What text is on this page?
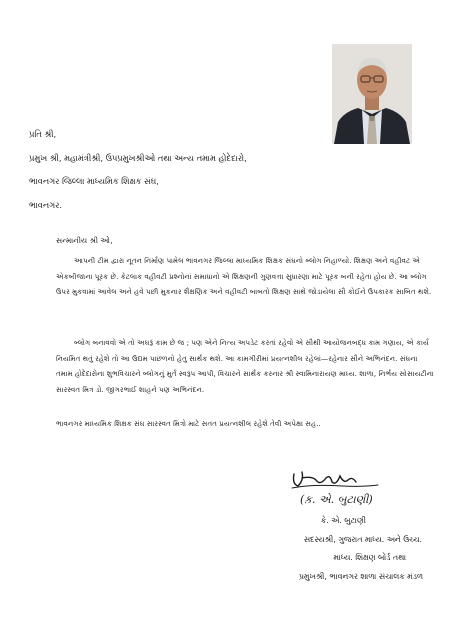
પ્રતિ શ્રી,
પ્રમુખ શ્રી, મહામંત્રીશ્રી, ઉપપ્રમુખશ્રીઓ તથા અન્ય તમામ હોદેદારો,
ભાવનગર જિલ્લા માધ્યમિક શિક્ષક સંઘ,
ભાવનગર.
સન્માનીય શ્રી ઓ,
આપની ટીમ દ્વારા નૂતન નિર્માણ પામેલ ભાવનગર જિલ્લા માધ્યમિક શિક્ષક સંઘનો બ્લોગ નિહાળ્યો. શિક્ષણ અને વહીવટ એ એકબીજાના પૂરક છે. કેટલાક વહીવટી પ્રશ્નોનાં સમાધાનો એ શિક્ષણની ગુણવત્તા સુધારણા માટે પૂરક બની રહેતા હોય છે. આ બ્લોગ ઉપર મુકવામાં આવેલ અને હવે પછી મુકનાર શૈક્ષણિક અને વહીવટી બાબતો શિક્ષણ સાથે જોડાયેલા સૌ કોઈને ઉપકારક સાબિત થશે.
બ્લોગ બનાવવો એ તો અઘરૂં કામ છે જ ; પણ એને નિત્ય અપડેટ કરતાં રહેવો એ સૌથી આયોજનબદ્ધ કામ ગણાય, એ કાર્ય નિયમિત થતું રહેશે તો આ ઉદ્યમ પાછળનો હેતુ સાર્થક થશે. આ કામગીરીમાં પ્રયત્નશીલ રહેલાં—રહેનાર સૌને અભિનંદન. સંઘના તમામ હોદેદારોના શુભવિચારને બ્લોગનું મુર્ત સ્વરૂપ આપી, વિચારને સાર્થક કરનાર શ્રી સ્વામિનારાયણ માધ્ય. શાળા, નિર્ભય સોસાયટીના સારસ્વત મિત્ર ડો. જીગરભાઈ શાહને પણ અભિનંદન.
ભાવનગર માધ્યમિક શિક્ષક સંઘ સારસ્વત મિત્રો માટે સતત પ્રયત્નશીલ રહેશે તેવી અપેક્ષા સહ..
(ક઼. એ. બુટાણી)
કે. એ. બુટાણી
સદસ્યશ્રી, ગુજરાત માધ્ય. અને ઉચ્ચ.
માધ્ય. શિક્ષણ બોર્ડ તથા
પ્રમુખશ્રી, ભાવનગર શાળા સંચાલક મંડળ
